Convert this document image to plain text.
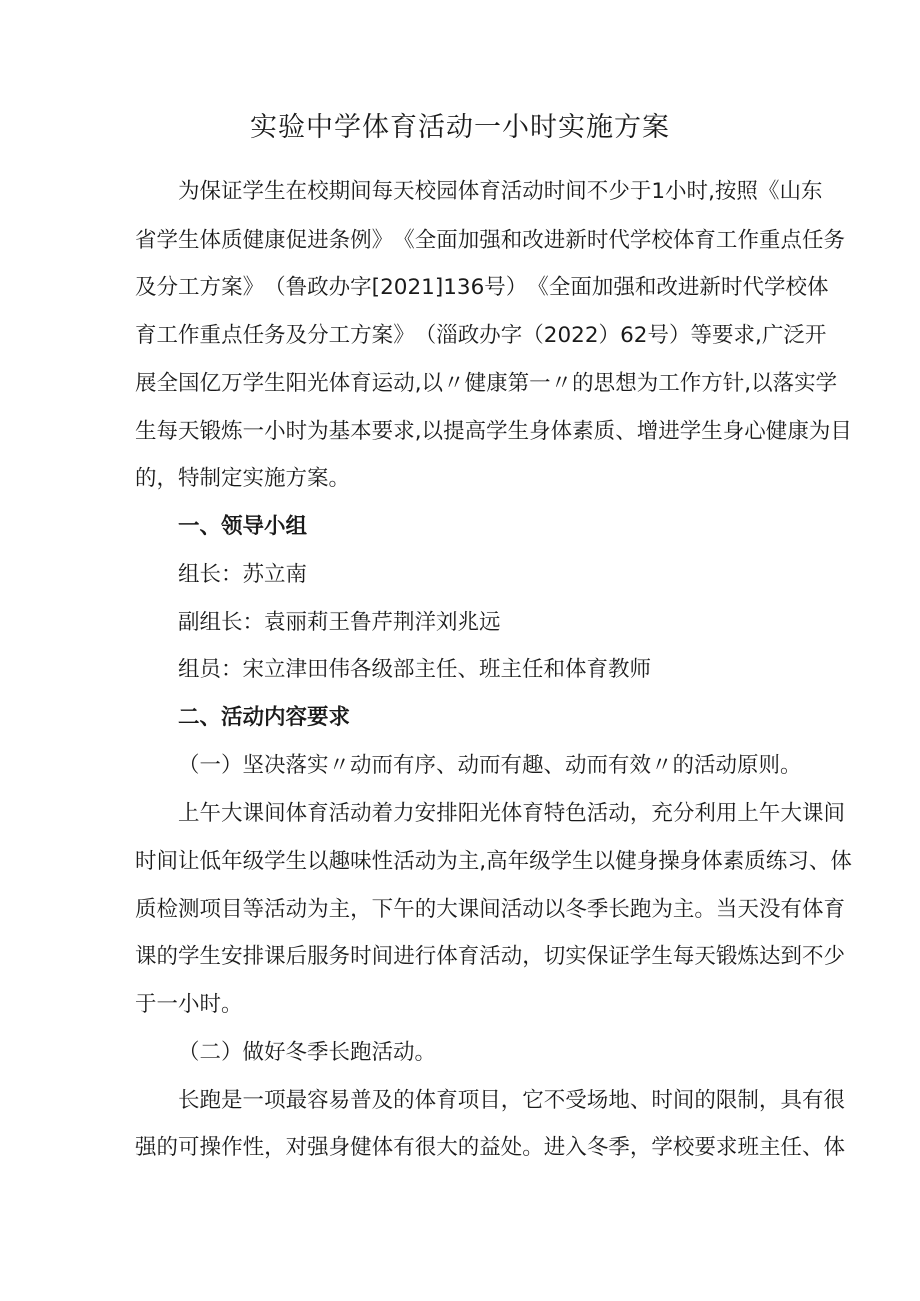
实验中学体育活动一小时实施方案
为 保 证 学 生 在 校 期 间 每 天 校 园 体 育 活 动 时 间 不 少 于 1 小 时 , 按 照 《 山 东
省 学 生 体 质 健 康 促 进 条 例 》 《 全 面 加 强 和 改 进 新 时 代 学 校 体 育 工 作 重 点 任 务
及 分 工 方 案 》 （ 鲁 政 办 字 [ 2 0 2 1 ] 1 3 6 号 ） 《 全 面 加 强 和 改 进 新 时 代 学 校 体
育 工 作 重 点 任 务 及 分 工 方 案 》 （ 淄 政 办 字 （ 2 0 2 2 ） 6 2 号 ） 等 要 求 , 广 泛 开
展 全 国 亿 万 学 生 阳 光 体 育 运 动 , 以 〃 健 康 第 一 〃 的 思 想 为 工 作 方 针 , 以 落 实 学
生 每 天 锻 炼 一 小 时 为 基 本 要 求 , 以 提 高 学 生 身 体 素 质 、 增 进 学 生 身 心 健 康 为 目
的，特制定实施方案。
一、领导小组
组长：苏立南
副组长：袁丽莉王鲁芹荆洋刘兆远
组员：宋立津田伟各级部主任、班主任和体育教师
二、活动内容要求
（一）坚决落实〃动而有序、动而有趣、动而有效〃的活动原则。
上 午 大 课 间 体 育 活 动 着 力 安 排 阳 光 体 育 特 色 活 动 ， 充 分 利 用 上 午 大 课 间
时 间 让 低 年 级 学 生 以 趣 味 性 活 动 为 主 , 高 年 级 学 生 以 健 身 操 身 体 素 质 练 习 、 体
质 检 测 项 目 等 活 动 为 主 ， 下 午 的 大 课 间 活 动 以 冬 季 长 跑 为 主 。 当 天 没 有 体 育
课 的 学 生 安 排 课 后 服 务 时 间 进 行 体 育 活 动 ， 切 实 保 证 学 生 每 天 锻 炼 达 到 不 少
于一小时。
（二）做好冬季长跑活动。
长 跑 是 一 项 最 容 易 普 及 的 体 育 项 目 ， 它 不 受 场 地 、 时 间 的 限 制 ， 具 有 很
强 的 可 操 作 性 ， 对 强 身 健 体 有 很 大 的 益 处 。 进 入 冬 季 ， 学 校 要 求 班 主 任 、 体
